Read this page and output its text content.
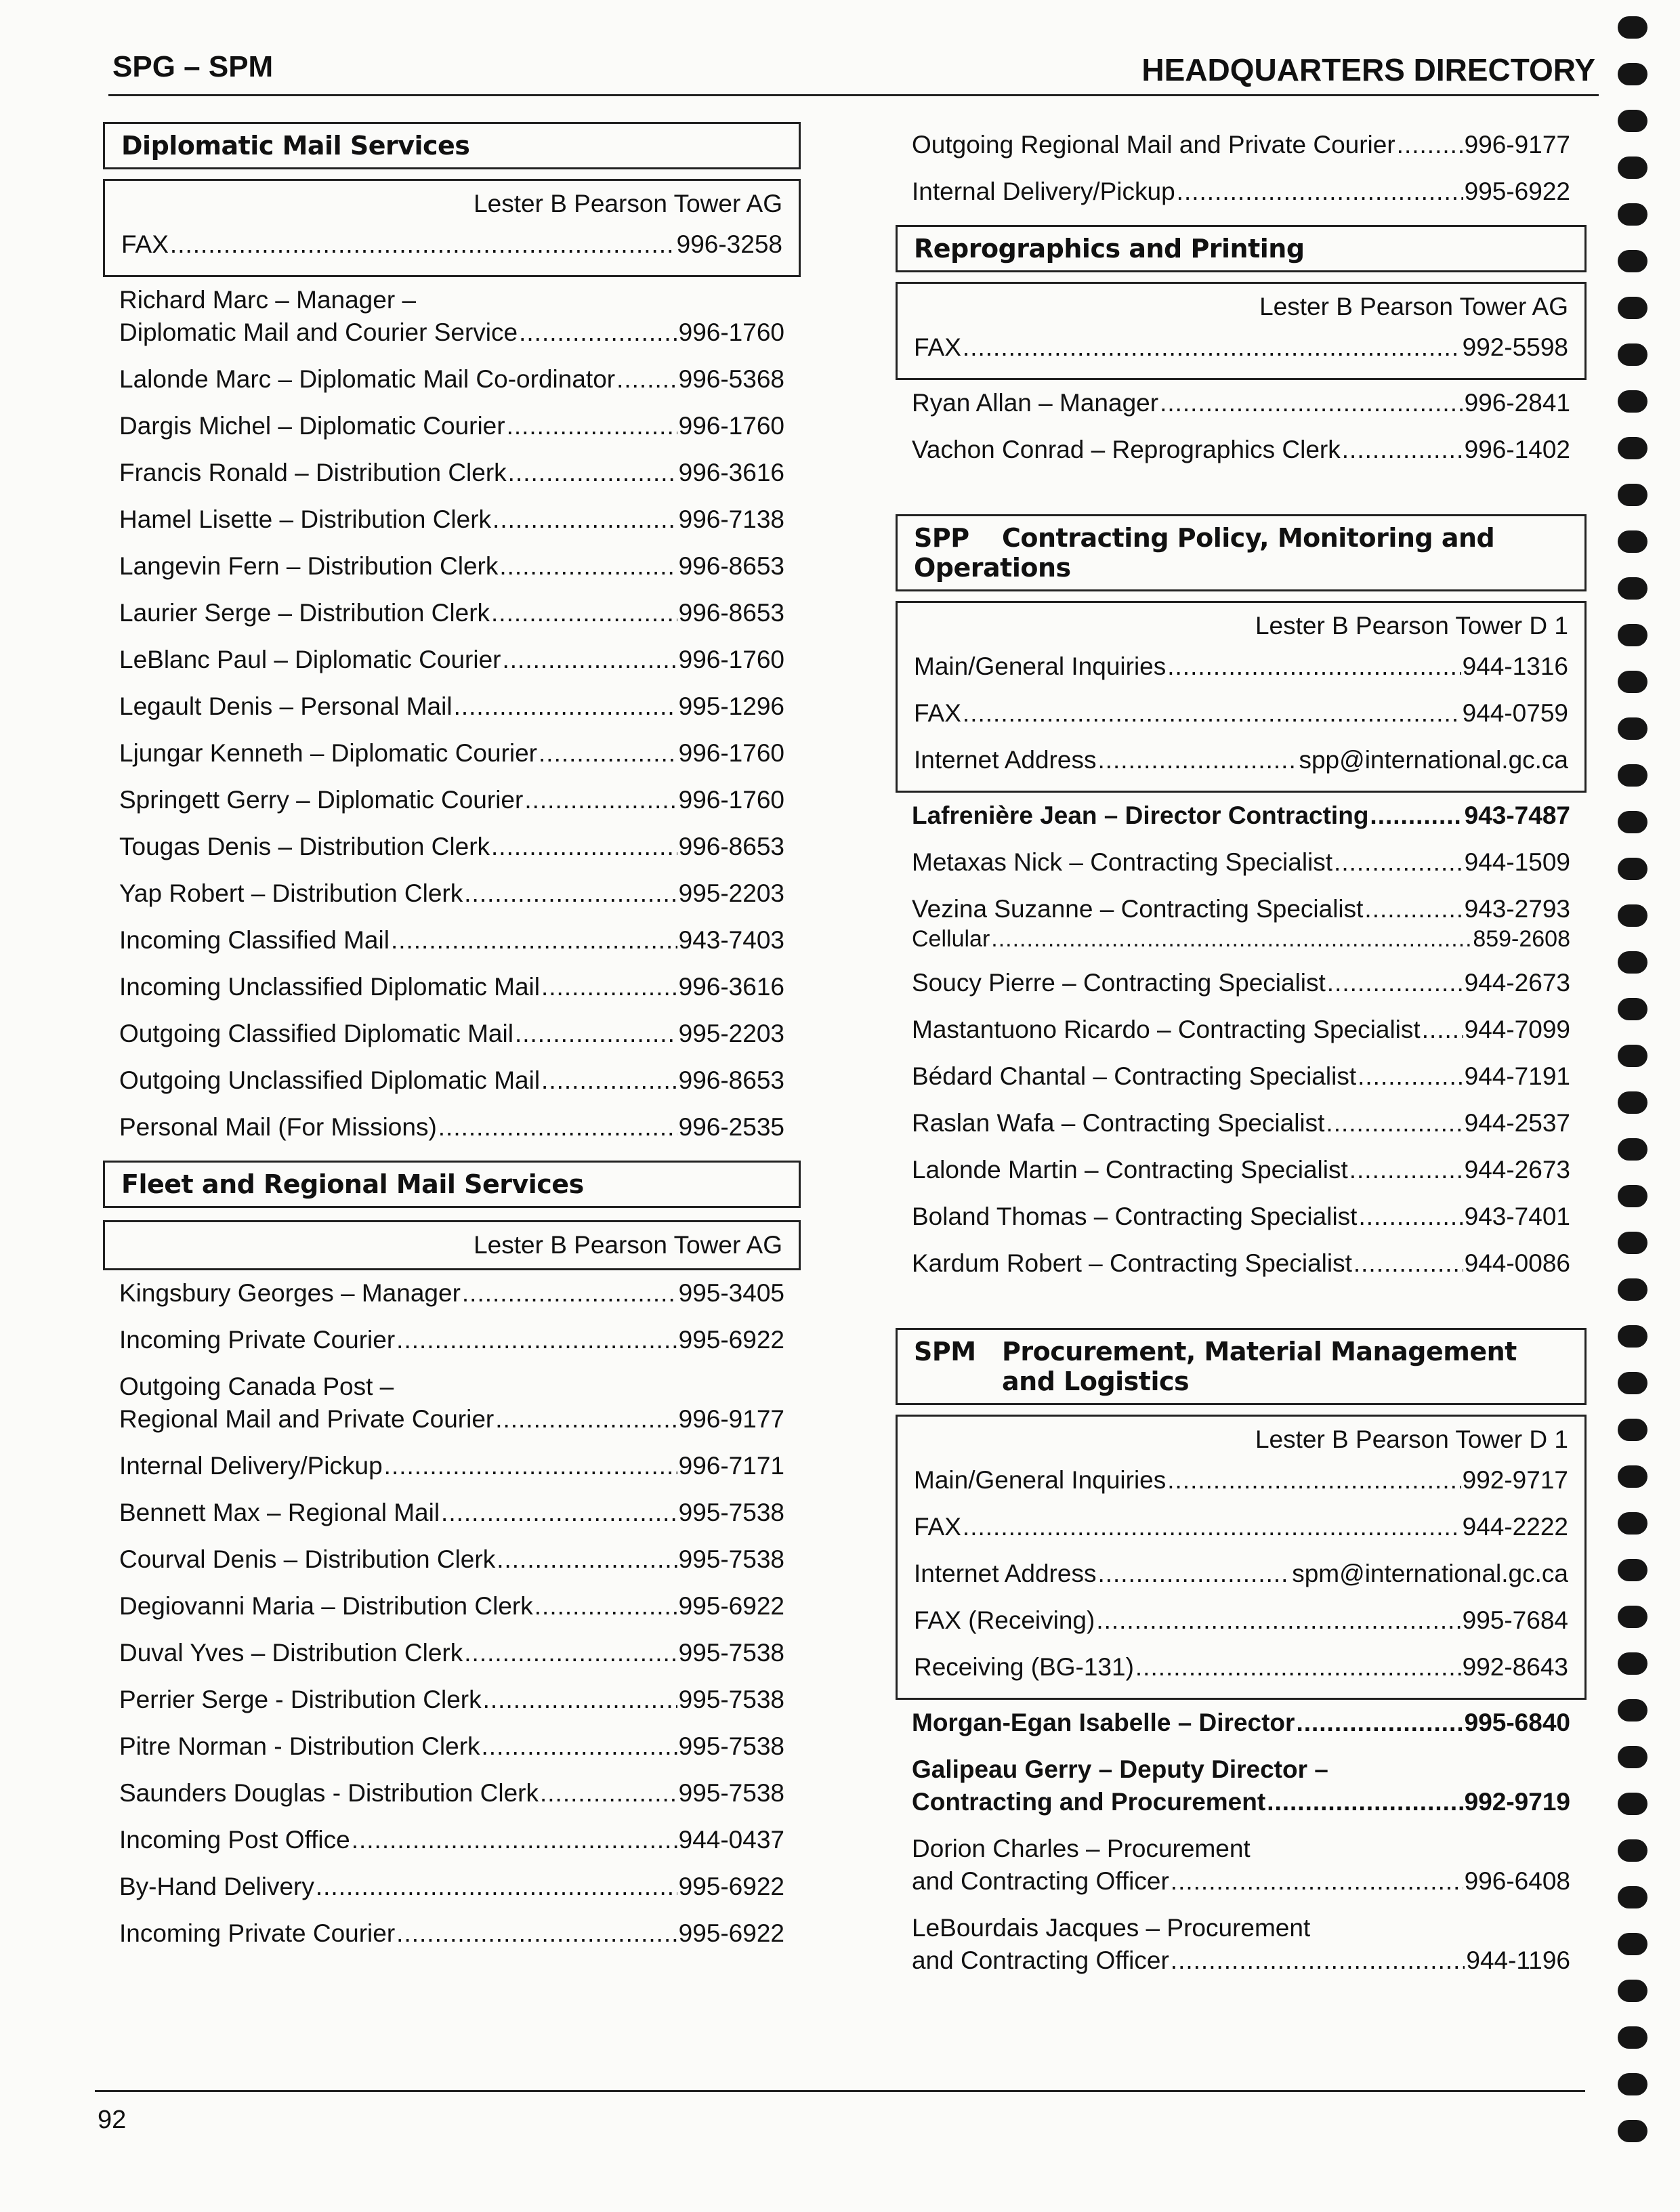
SPG – SPM	HEADQUARTERS DIRECTORY
Diplomatic Mail Services
Lester B Pearson Tower AG
FAX .....	996-3258
Richard Marc – Manager –
Diplomatic Mail and Courier Service .....	996-1760
Lalonde Marc – Diplomatic Mail Co-ordinator .....	996-5368
Dargis Michel – Diplomatic Courier .....	996-1760
Francis Ronald – Distribution Clerk .....	996-3616
Hamel Lisette – Distribution Clerk .....	996-7138
Langevin Fern – Distribution Clerk .....	996-8653
Laurier Serge – Distribution Clerk .....	996-8653
LeBlanc Paul – Diplomatic Courier .....	996-1760
Legault Denis – Personal Mail .....	995-1296
Ljungar Kenneth – Diplomatic Courier .....	996-1760
Springett Gerry – Diplomatic Courier .....	996-1760
Tougas Denis – Distribution Clerk .....	996-8653
Yap Robert – Distribution Clerk .....	995-2203
Incoming Classified Mail .....	943-7403
Incoming Unclassified Diplomatic Mail .....	996-3616
Outgoing Classified Diplomatic Mail .....	995-2203
Outgoing Unclassified Diplomatic Mail .....	996-8653
Personal Mail (For Missions) .....	996-2535
Fleet and Regional Mail Services
Lester B Pearson Tower AG
Kingsbury Georges – Manager .....	995-3405
Incoming Private Courier .....	995-6922
Outgoing Canada Post –
Regional Mail and Private Courier .....	996-9177
Internal Delivery/Pickup .....	996-7171
Bennett Max – Regional Mail .....	995-7538
Courval Denis – Distribution Clerk .....	995-7538
Degiovanni Maria – Distribution Clerk .....	995-6922
Duval Yves – Distribution Clerk .....	995-7538
Perrier Serge - Distribution Clerk .....	995-7538
Pitre Norman - Distribution Clerk .....	995-7538
Saunders Douglas - Distribution Clerk .....	995-7538
Incoming Post Office .....	944-0437
By-Hand Delivery .....	995-6922
Incoming Private Courier .....	995-6922
Outgoing Regional Mail and Private Courier .....	996-9177
Internal Delivery/Pickup .....	995-6922
Reprographics and Printing
Lester B Pearson Tower AG
FAX .....	992-5598
Ryan Allan – Manager .....	996-2841
Vachon Conrad – Reprographics Clerk .....	996-1402
SPP Contracting Policy, Monitoring and Operations
Lester B Pearson Tower D 1
Main/General Inquiries .....	944-1316
FAX .....	944-0759
Internet Address .....	spp@international.gc.ca
Lafrenière Jean – Director Contracting .....	943-7487
Metaxas Nick – Contracting Specialist .....	944-1509
Vezina Suzanne – Contracting Specialist .....	943-2793
Cellular .....	859-2608
Soucy Pierre – Contracting Specialist .....	944-2673
Mastantuono Ricardo – Contracting Specialist ..... 944-7099
Bédard Chantal – Contracting Specialist .....	944-7191
Raslan Wafa – Contracting Specialist .....	944-2537
Lalonde Martin – Contracting Specialist .....	944-2673
Boland Thomas – Contracting Specialist .....	943-7401
Kardum Robert – Contracting Specialist .....	944-0086
SPM Procurement, Material Management
and Logistics
Lester B Pearson Tower D 1
Main/General Inquiries .....	992-9717
FAX .....	944-2222
Internet Address .....	spm@international.gc.ca
FAX (Receiving) .....	995-7684
Receiving (BG-131) .....	992-8643
Morgan-Egan Isabelle – Director .....	995-6840
Galipeau Gerry – Deputy Director –
Contracting and Procurement .....	992-9719
Dorion Charles – Procurement
and Contracting Officer .....	996-6408
LeBourdais Jacques – Procurement
and Contracting Officer .....	944-1196
92
